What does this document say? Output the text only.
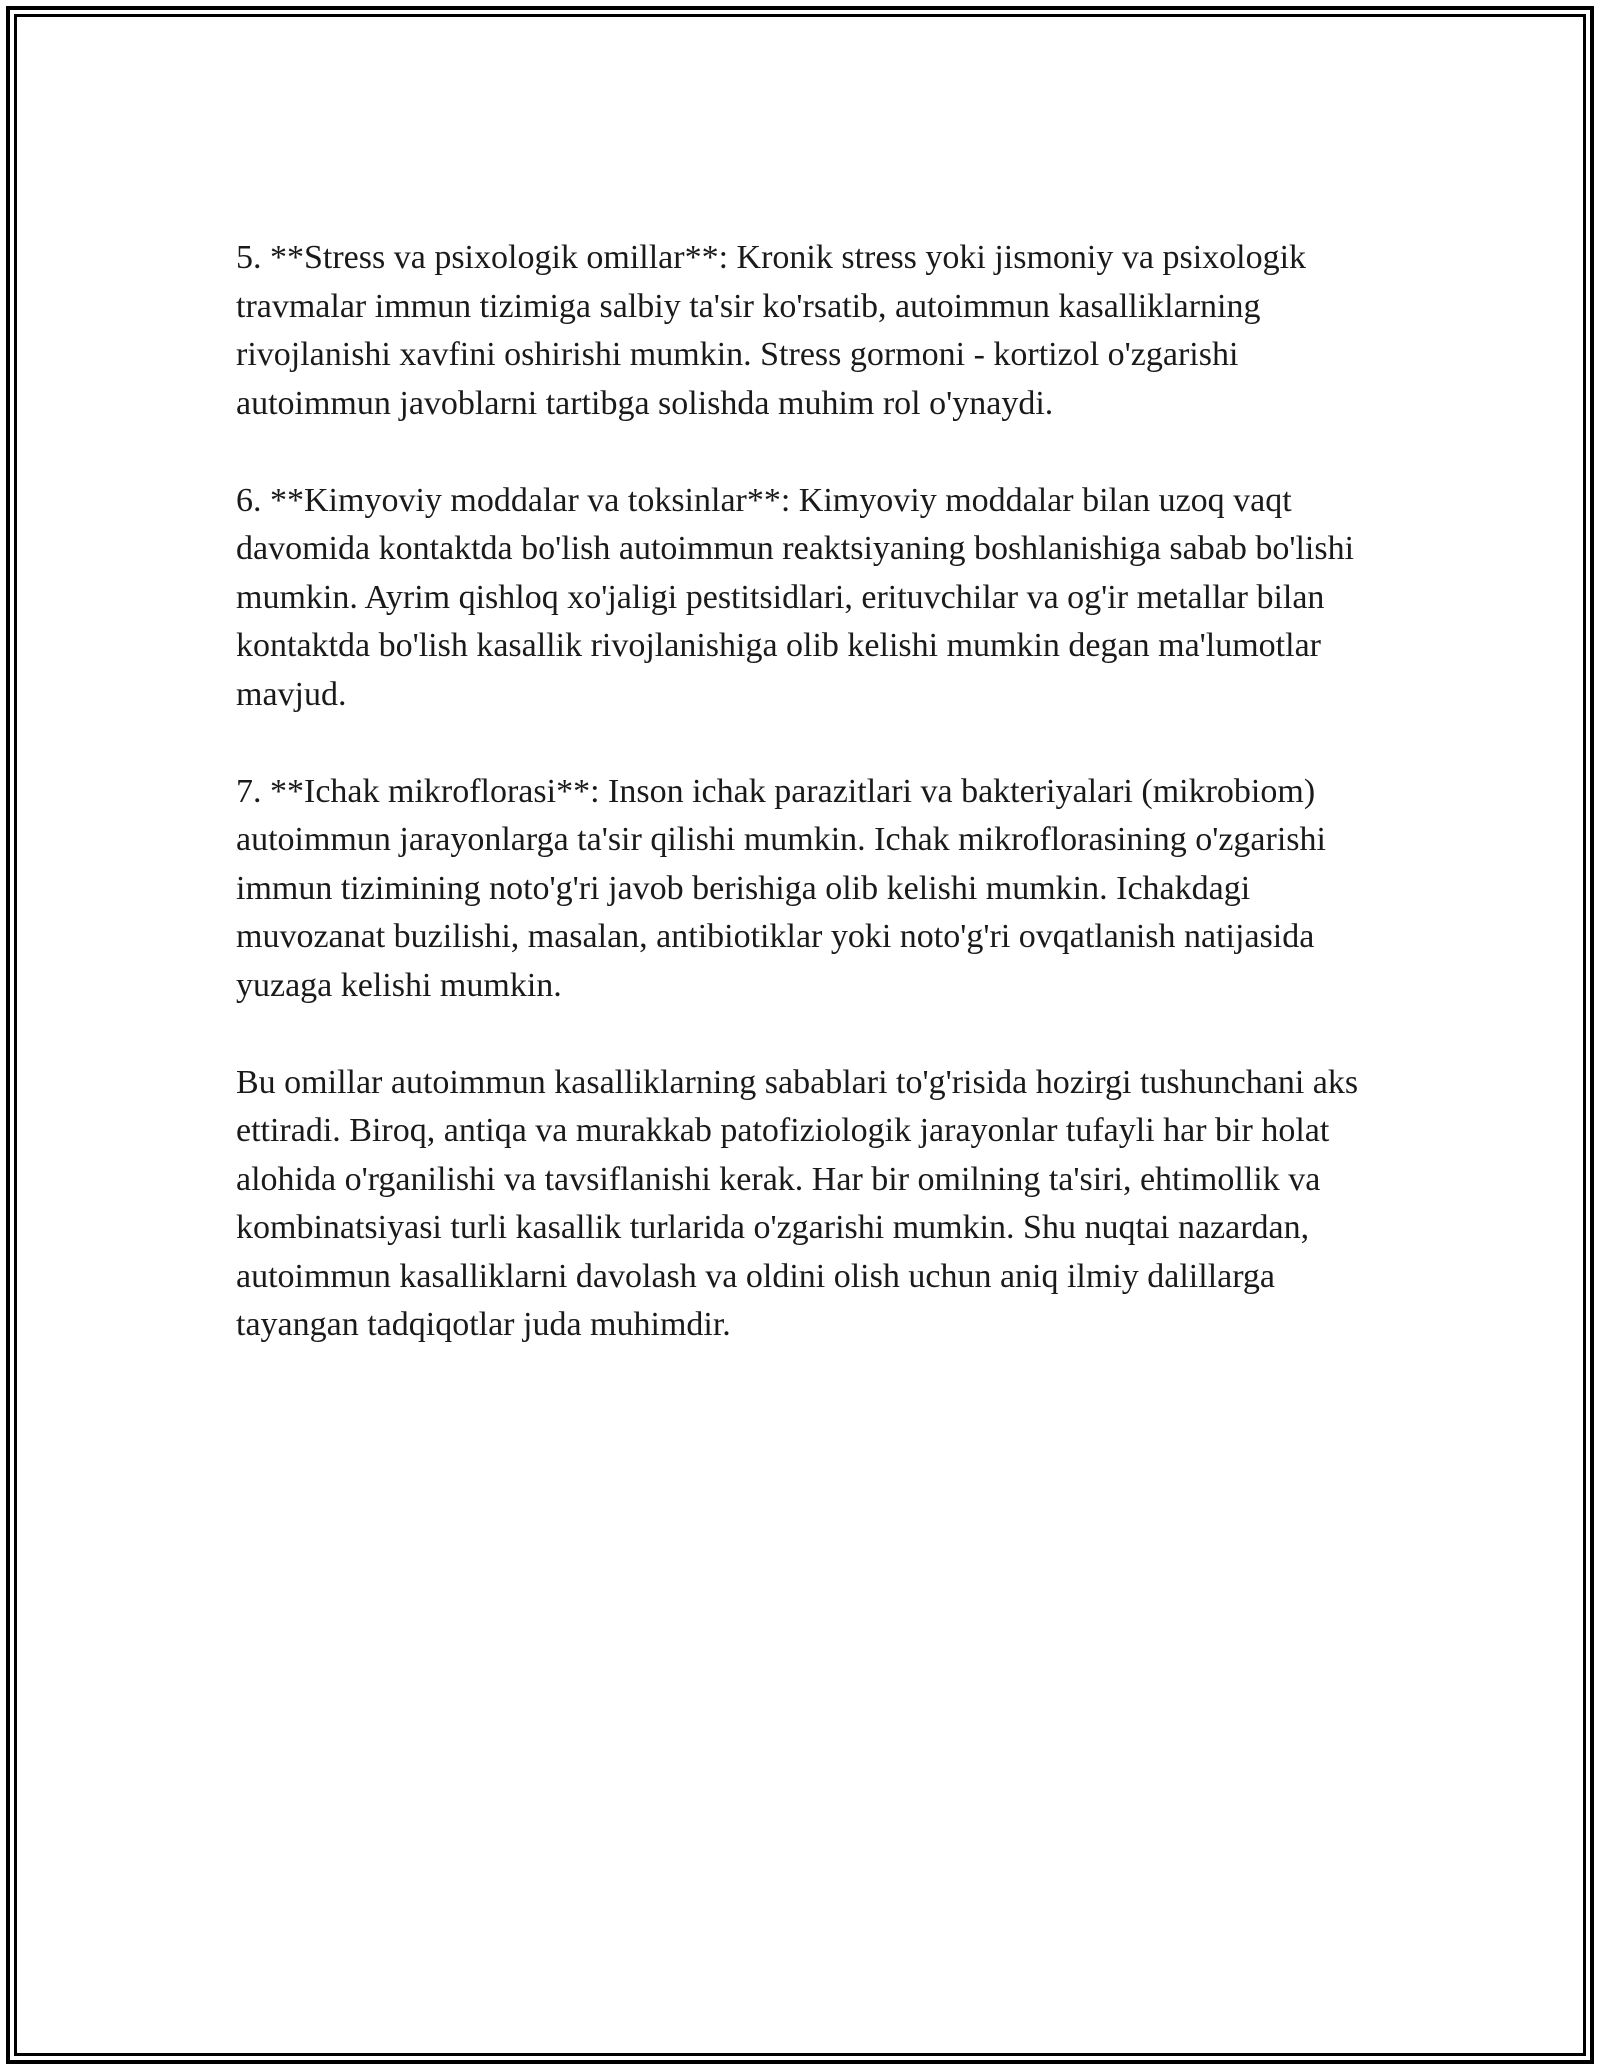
5. **Stress va psixologik omillar**: Kronik stress yoki jismoniy va psixologik travmalar immun tizimiga salbiy ta'sir ko'rsatib, autoimmun kasalliklarning rivojlanishi xavfini oshirishi mumkin. Stress gormoni - kortizol o'zgarishi autoimmun javoblarni tartibga solishda muhim rol o'ynaydi.

6. **Kimyoviy moddalar va toksinlar**: Kimyoviy moddalar bilan uzoq vaqt davomida kontaktda bo'lish autoimmun reaktsiyaning boshlanishiga sabab bo'lishi mumkin. Ayrim qishloq xo'jaligi pestitsidlari, erituvchilar va og'ir metallar bilan kontaktda bo'lish kasallik rivojlanishiga olib kelishi mumkin degan ma'lumotlar mavjud.

7. **Ichak mikroflorasi**: Inson ichak parazitlari va bakteriyalari (mikrobiom) autoimmun jarayonlarga ta'sir qilishi mumkin. Ichak mikroflorasining o'zgarishi immun tizimining noto'g'ri javob berishiga olib kelishi mumkin. Ichakdagi muvozanat buzilishi, masalan, antibiotiklar yoki noto'g'ri ovqatlanish natijasida yuzaga kelishi mumkin.

Bu omillar autoimmun kasalliklarning sabablari to'g'risida hozirgi tushunchani aks ettiradi. Biroq, antiqa va murakkab patofiziologik jarayonlar tufayli har bir holat alohida o'rganilishi va tavsiflanishi kerak. Har bir omilning ta'siri, ehtimollik va kombinatsiyasi turli kasallik turlarida o'zgarishi mumkin. Shu nuqtai nazardan, autoimmun kasalliklarni davolash va oldini olish uchun aniq ilmiy dalillarga tayangan tadqiqotlar juda muhimdir.
